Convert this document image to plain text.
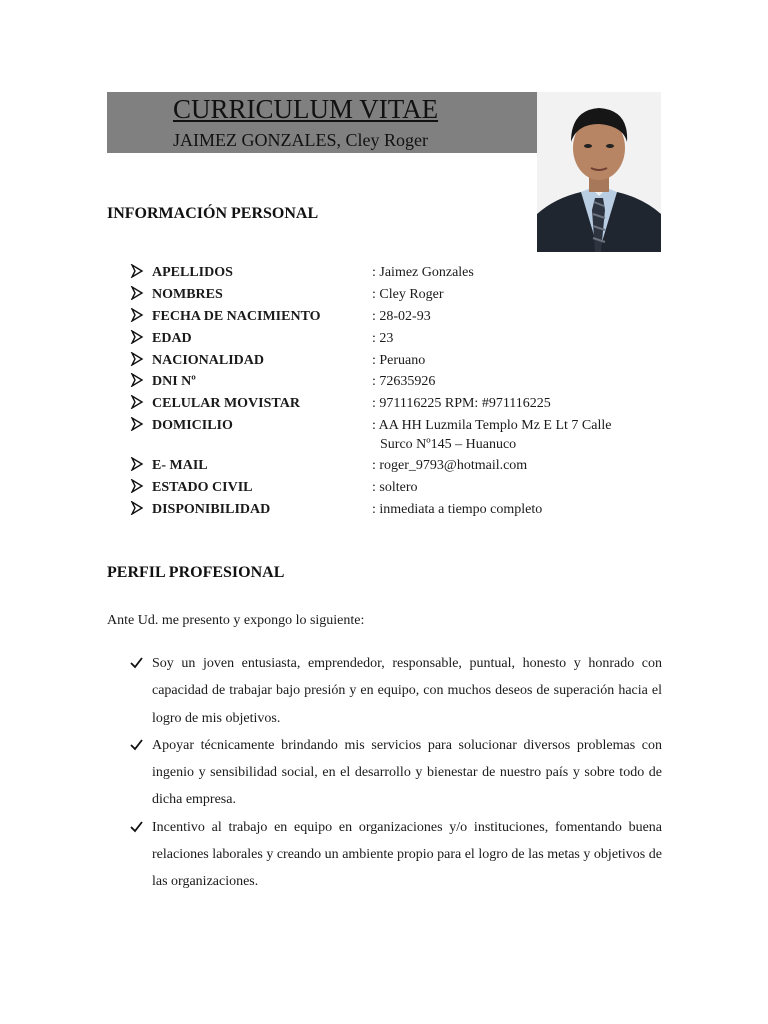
CURRICULUM VITAE
JAIMEZ GONZALES, Cley Roger
INFORMACIÓN PERSONAL
APELLIDOS	: Jaimez Gonzales
NOMBRES	: Cley Roger
FECHA DE NACIMIENTO	: 28-02-93
EDAD	: 23
NACIONALIDAD	: Peruano
DNI Nº	: 72635926
CELULAR MOVISTAR	: 971116225 RPM: #971116225
DOMICILIO	: AA HH Luzmila Templo Mz E Lt 7 Calle
Surco Nº145 – Huanuco
E- MAIL	: roger_9793@hotmail.com
ESTADO CIVIL	: soltero
DISPONIBILIDAD	: inmediata a tiempo completo
PERFIL PROFESIONAL
Ante Ud. me presento y expongo lo siguiente:
Soy un joven entusiasta, emprendedor, responsable, puntual, honesto y honrado con capacidad de trabajar bajo presión y en equipo, con muchos deseos de superación hacia el logro de mis objetivos.
Apoyar técnicamente brindando mis servicios para solucionar diversos problemas con ingenio y sensibilidad social, en el desarrollo y bienestar de nuestro país y sobre todo de dicha empresa.
Incentivo al trabajo en equipo en organizaciones y/o instituciones, fomentando buena relaciones laborales y creando un ambiente propio para el logro de las metas y objetivos de las organizaciones.
